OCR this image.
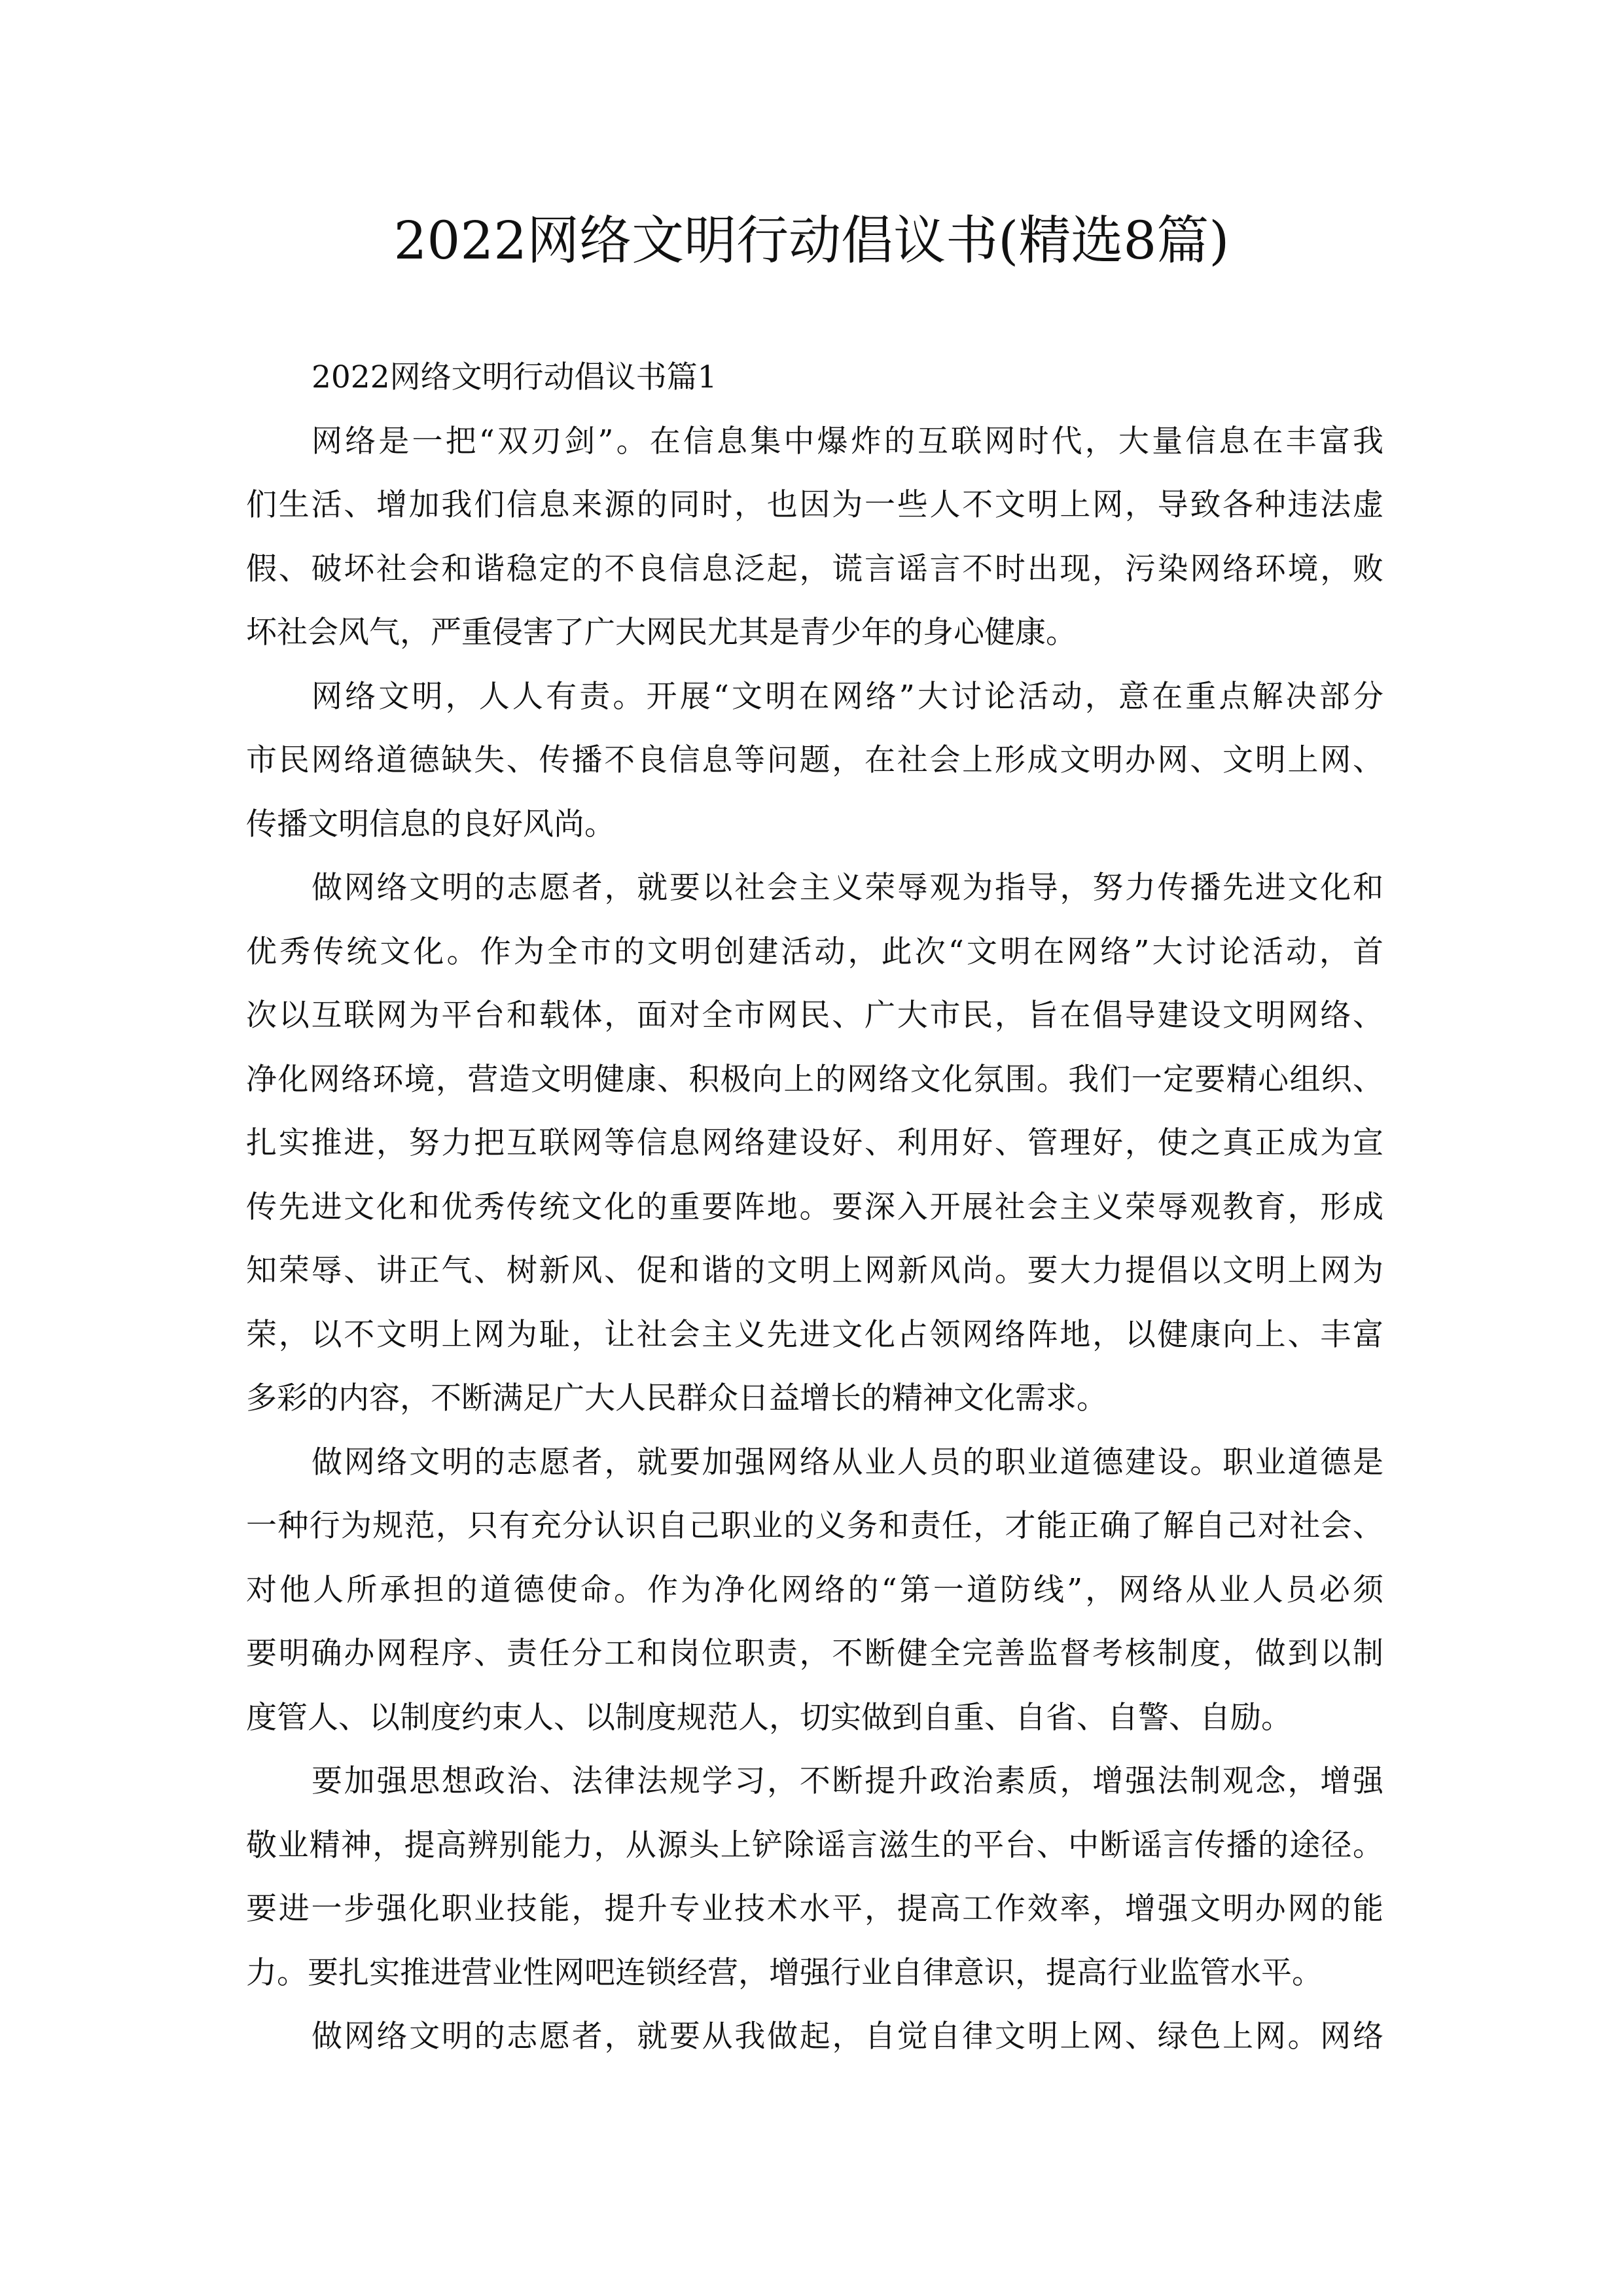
2022网络文明行动倡议书(精选8篇)
2022网络文明行动倡议书篇1
网络是一把“双刃剑”。在信息集中爆炸的互联网时代，大量信息在丰富我
们生活、增加我们信息来源的同时，也因为一些人不文明上网，导致各种违法虚
假、破坏社会和谐稳定的不良信息泛起，谎言谣言不时出现，污染网络环境，败
坏社会风气，严重侵害了广大网民尤其是青少年的身心健康。
网络文明，人人有责。开展“文明在网络”大讨论活动，意在重点解决部分
市民网络道德缺失、传播不良信息等问题，在社会上形成文明办网、文明上网、
传播文明信息的良好风尚。
做网络文明的志愿者，就要以社会主义荣辱观为指导，努力传播先进文化和
优秀传统文化。作为全市的文明创建活动，此次“文明在网络”大讨论活动，首
次以互联网为平台和载体，面对全市网民、广大市民，旨在倡导建设文明网络、
净化网络环境，营造文明健康、积极向上的网络文化氛围。我们一定要精心组织、
扎实推进，努力把互联网等信息网络建设好、利用好、管理好，使之真正成为宣
传先进文化和优秀传统文化的重要阵地。要深入开展社会主义荣辱观教育，形成
知荣辱、讲正气、树新风、促和谐的文明上网新风尚。要大力提倡以文明上网为
荣，以不文明上网为耻，让社会主义先进文化占领网络阵地，以健康向上、丰富
多彩的内容，不断满足广大人民群众日益增长的精神文化需求。
做网络文明的志愿者，就要加强网络从业人员的职业道德建设。职业道德是
一种行为规范，只有充分认识自己职业的义务和责任，才能正确了解自己对社会、
对他人所承担的道德使命。作为净化网络的“第一道防线”，网络从业人员必须
要明确办网程序、责任分工和岗位职责，不断健全完善监督考核制度，做到以制
度管人、以制度约束人、以制度规范人，切实做到自重、自省、自警、自励。
要加强思想政治、法律法规学习，不断提升政治素质，增强法制观念，增强
敬业精神，提高辨别能力，从源头上铲除谣言滋生的平台、中断谣言传播的途径。
要进一步强化职业技能，提升专业技术水平，提高工作效率，增强文明办网的能
力。要扎实推进营业性网吧连锁经营，增强行业自律意识，提高行业监管水平。
做网络文明的志愿者，就要从我做起，自觉自律文明上网、绿色上网。网络
